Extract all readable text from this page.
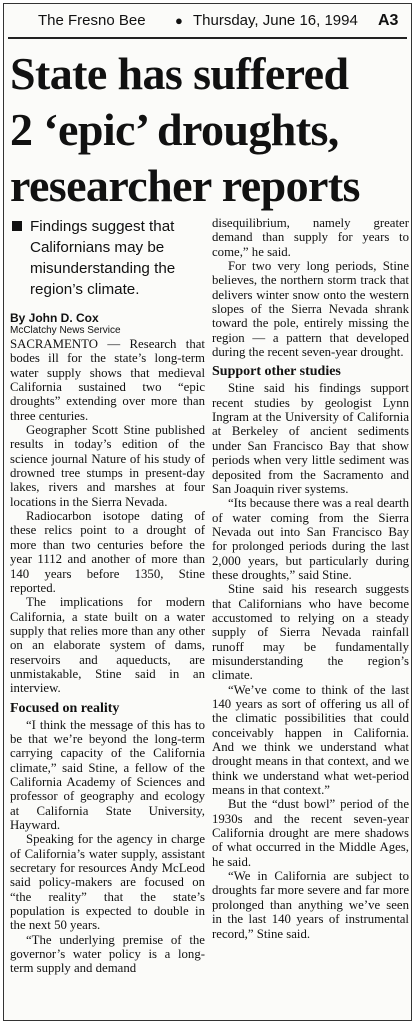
The Fresno Bee ● Thursday, June 16, 1994 A3
State has suffered
2 ‘epic’ droughts,
researcher reports
Findings suggest that Californians may be misunderstanding the region’s climate.
By John D. Cox
McClatchy News Service

SACRAMENTO — Research that bodes ill for the state’s long-term water supply shows that medieval California sustained two “epic droughts” extending over more than three centuries.

Geographer Scott Stine published results in today’s edition of the science journal Nature of his study of drowned tree stumps in present-day lakes, rivers and marshes at four locations in the Sierra Nevada.

Radiocarbon isotope dating of these relics point to a drought of more than two centuries before the year 1112 and another of more than 140 years before 1350, Stine reported.

The implications for modern California, a state built on a water supply that relies more than any other on an elaborate system of dams, reservoirs and aqueducts, are unmistakable, Stine said in an interview.

Focused on reality

“I think the message of this has to be that we’re beyond the long-term carrying capacity of the California climate,” said Stine, a fellow of the California Academy of Sciences and professor of geography and ecology at California State University, Hayward.

Speaking for the agency in charge of California’s water supply, assistant secretary for resources Andy McLeod said policy-makers are focused on “the reality” that the state’s population is expected to double in the next 50 years.

“The underlying premise of the governor’s water policy is a long-term supply and demand

disequilibrium, namely greater demand than supply for years to come,” he said.

For two very long periods, Stine believes, the northern storm track that delivers winter snow onto the western slopes of the Sierra Nevada shrank toward the pole, entirely missing the region — a pattern that developed during the recent seven-year drought.

Support other studies

Stine said his findings support recent studies by geologist Lynn Ingram at the University of California at Berkeley of ancient sediments under San Francisco Bay that show periods when very little sediment was deposited from the Sacramento and San Joaquin river systems.

“Its because there was a real dearth of water coming from the Sierra Nevada out into San Francisco Bay for prolonged periods during the last 2,000 years, but particularly during these droughts,” said Stine.

Stine said his research suggests that Californians who have become accustomed to relying on a steady supply of Sierra Nevada rainfall runoff may be fundamentally misunderstanding the region’s climate.

“We’ve come to think of the last 140 years as sort of offering us all of the climatic possibilities that could conceivably happen in California. And we think we understand what drought means in that context, and we think we understand what wet-period means in that context.”

But the “dust bowl” period of the 1930s and the recent seven-year California drought are mere shadows of what occurred in the Middle Ages, he said.

“We in California are subject to droughts far more severe and far more prolonged than anything we’ve seen in the last 140 years of instrumental record,” Stine said.
